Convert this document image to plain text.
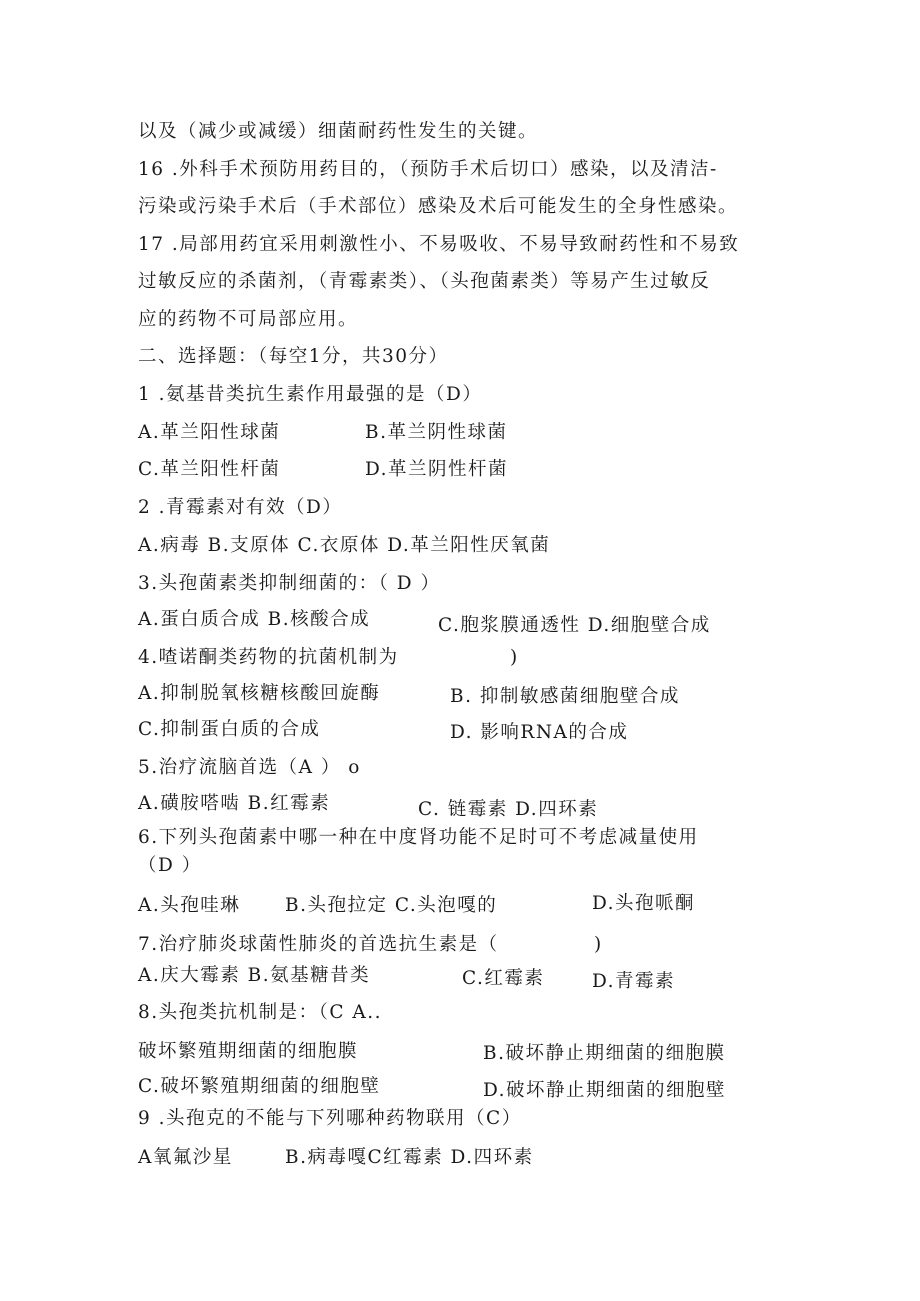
以及（减少或减缓）细菌耐药性发生的关键。
16 .外科手术预防用药目的，（预防手术后切口）感染，以及清洁-
污染或污染手术后（手术部位）感染及术后可能发生的全身性感染。
17 .局部用药宜采用刺激性小、不易吸收、不易导致耐药性和不易致
过敏反应的杀菌剂，（青霉素类）、（头孢菌素类）等易产生过敏反
应的药物不可局部应用。
二、选择题：（每空1分，共30分）
1 .氨基昔类抗生素作用最强的是（D）
A.革兰阳性球菌	B.革兰阴性球菌
C.革兰阳性杆菌	D.革兰阴性杆菌
2 .青霉素对有效（D）
A.病毒 B.支原体 C.衣原体 D.革兰阳性厌氧菌
3.头孢菌素类抑制细菌的：（ D ）
A.蛋白质合成 B.核酸合成	C.胞浆膜通透性 D.细胞壁合成
4.喳诺酮类药物的抗菌机制为	)
A.抑制脱氧核糖核酸回旋酶	B. 抑制敏感菌细胞壁合成
C.抑制蛋白质的合成	D. 影响RNA的合成
5.治疗流脑首选（A ） o
A.磺胺嗒啮 B.红霉素	C. 链霉素 D.四环素
6.下列头孢菌素中哪一种在中度肾功能不足时可不考虑减量使用
（D ）
A.头孢哇琳 B.头孢拉定 C.头泡嘎的	D.头孢哌酮
7.治疗肺炎球菌性肺炎的首选抗生素是（	)
A.庆大霉素 B.氨基糖昔类	C.红霉素	D.青霉素
8.头孢类抗机制是：（C A..
破坏繁殖期细菌的细胞膜	B.破坏静止期细菌的细胞膜
C.破坏繁殖期细菌的细胞壁	D.破坏静止期细菌的细胞壁
9 .头孢克的不能与下列哪种药物联用（C）
A氧氟沙星	B.病毒嘎C红霉素 D.四环素
